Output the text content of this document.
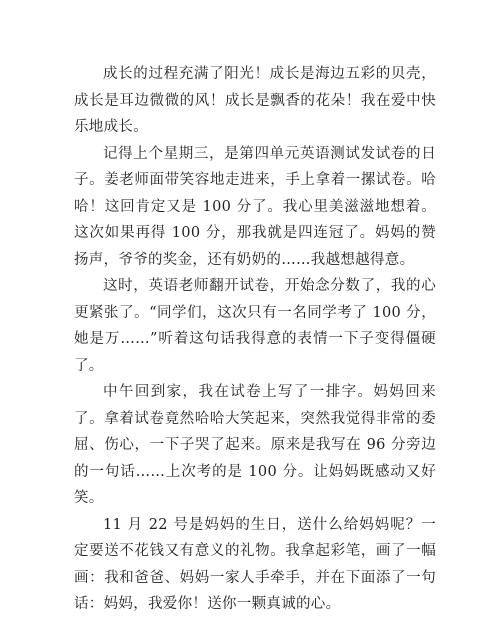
成长的过程充满了阳光！成长是海边五彩的贝壳，成长是耳边微微的风！成长是飘香的花朵！我在爱中快乐地成长。

记得上个星期三，是第四单元英语测试发试卷的日子。姜老师面带笑容地走进来，手上拿着一摞试卷。哈哈！这回肯定又是 100 分了。我心里美滋滋地想着。这次如果再得 100 分，那我就是四连冠了。妈妈的赞扬声，爷爷的奖金，还有奶奶的……我越想越得意。

这时，英语老师翻开试卷，开始念分数了，我的心更紧张了。“同学们，这次只有一名同学考了 100 分，她是万……”听着这句话我得意的表情一下子变得僵硬了。

中午回到家，我在试卷上写了一排字。妈妈回来了。拿着试卷竟然哈哈大笑起来，突然我觉得非常的委屈、伤心，一下子哭了起来。原来是我写在 96 分旁边的一句话……上次考的是 100 分。让妈妈既感动又好笑。

11 月 22 号是妈妈的生日，送什么给妈妈呢？一定要送不花钱又有意义的礼物。我拿起彩笔，画了一幅画：我和爸爸、妈妈一家人手牵手，并在下面添了一句话：妈妈，我爱你！送你一颗真诚的心。
